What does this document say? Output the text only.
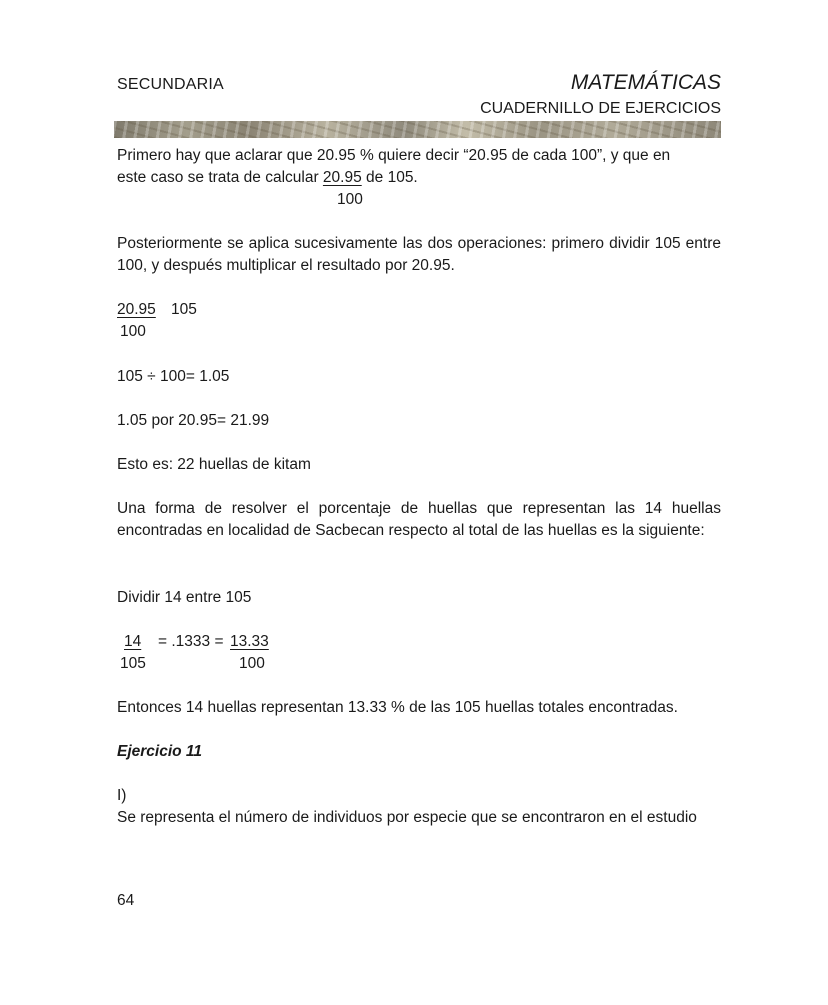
SECUNDARIA	MATEMÁTICAS
CUADERNILLO DE EJERCICIOS
Primero hay que aclarar que 20.95 % quiere decir “20.95 de cada 100”, y que en
este caso se trata de calcular 20.95 de 105.
100
Posteriormente se aplica sucesivamente las dos operaciones: primero dividir 105 entre 100, y después multiplicar el resultado por 20.95.
20.95 105
100
105 ÷ 100= 1.05
1.05 por 20.95= 21.99
Esto es: 22 huellas de kitam
Una forma de resolver el porcentaje de huellas que representan las 14 huellas encontradas en localidad de Sacbecan respecto al total de las huellas es la siguiente:
Dividir 14 entre 105
14 = .1333 = 13.33
105	100
Entonces 14 huellas representan 13.33 % de las 105 huellas totales encontradas.
Ejercicio 11
I)
Se representa el número de individuos por especie que se encontraron en el estudio
64
